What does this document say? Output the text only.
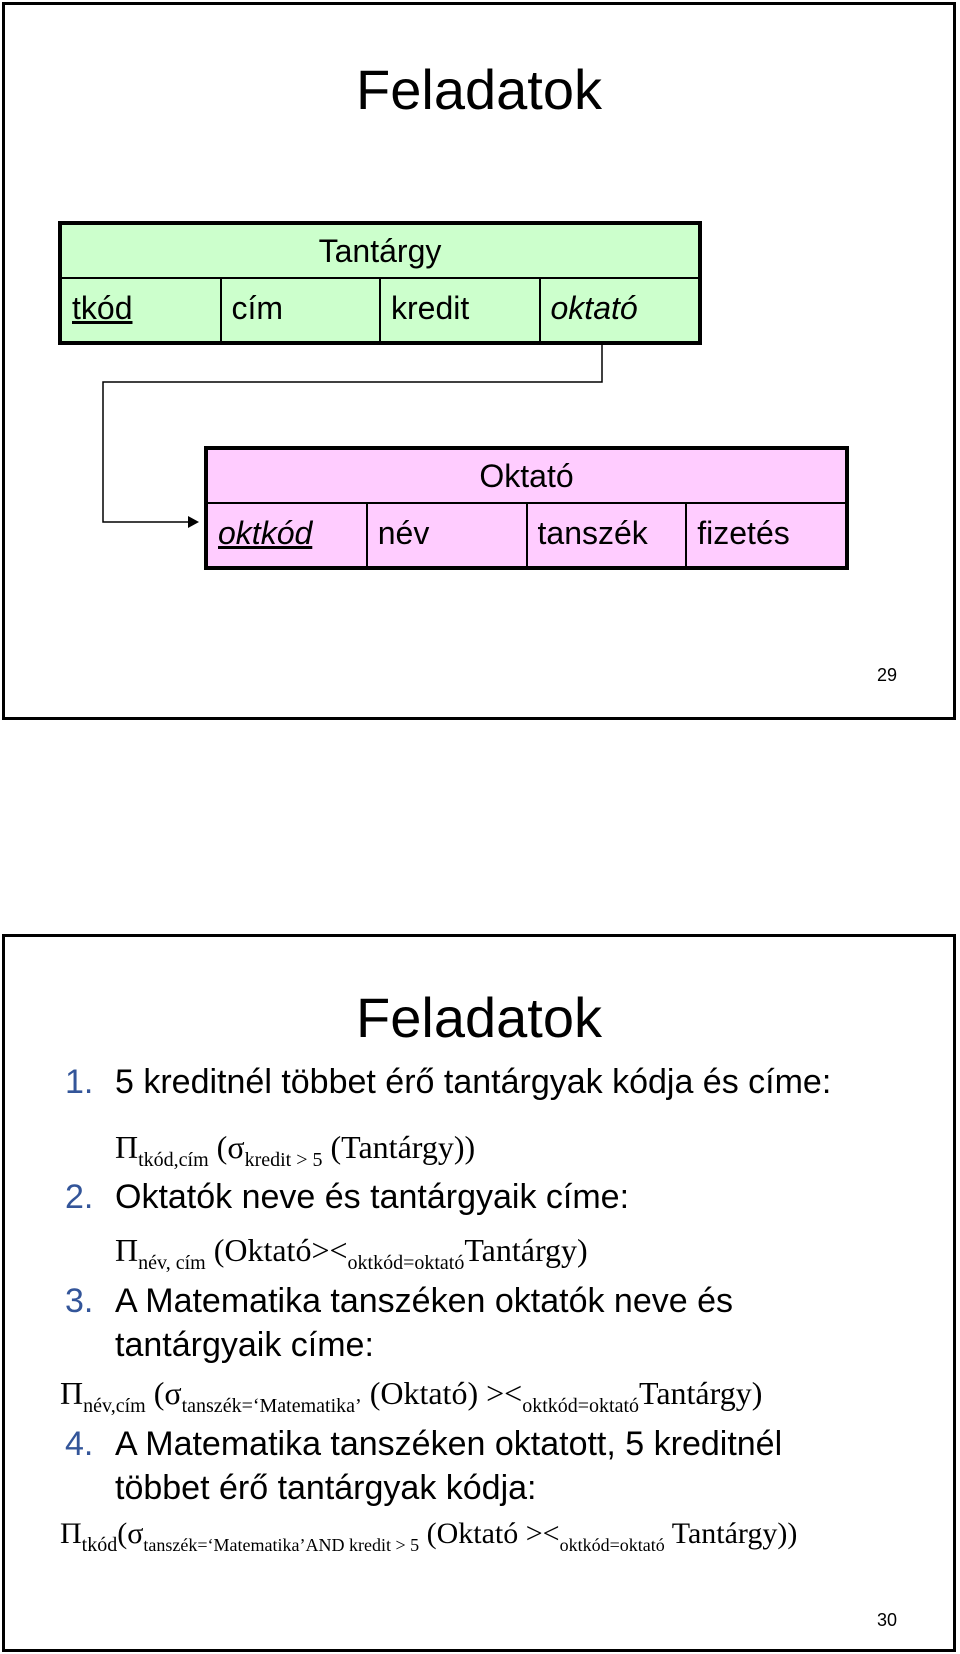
Feladatok
Tantárgy
tkód	cím	kredit	oktató
Oktató
oktkód	név	tanszék	fizetés
29
Feladatok
1. 5 kreditnél többet érő tantárgyak kódja és címe:
$\Pi_{tkód,cím}$ ($\sigma_{kredit > 5}$ (Tantárgy))
2. Oktatók neve és tantárgyaik címe:
$\Pi_{név, cím}$ $(Oktató><_{oktkód=oktató}Tantárgy)$
3. A Matematika tanszéken oktatók neve és
tantárgyaik címe:
$\Pi_{név,cím}$ ($\sigma_{tanszék=‘Matematika’}$ (Oktató) $><_{oktkód=oktató}Tantárgy$)
4. A Matematika tanszéken oktatott, 5 kreditnél
többet érő tantárgyak kódja:
$\Pi_{tkód}(\sigma_{tanszék=‘Matematika’AND kredit > 5}$ (Oktató $><_{oktkód=oktató}$ Tantárgy))
30
